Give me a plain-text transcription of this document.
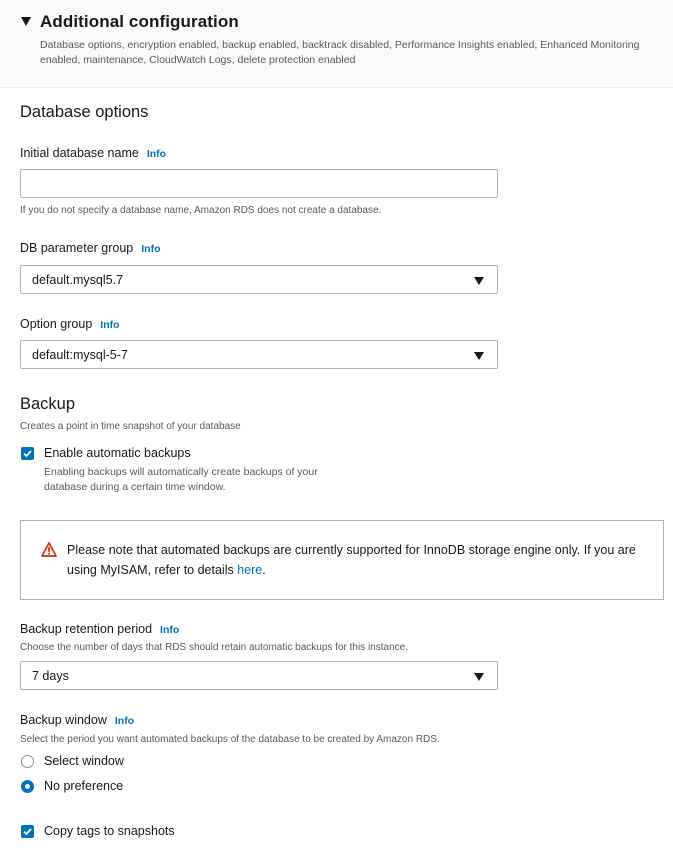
Additional configuration
Database options, encryption enabled, backup enabled, backtrack disabled, Performance Insights enabled, Enhanced Monitoring enabled, maintenance, CloudWatch Logs, delete protection enabled
Database options
Initial database name Info
If you do not specify a database name, Amazon RDS does not create a database.
DB parameter group Info
default.mysql5.7
Option group Info
default:mysql-5-7
Backup
Creates a point in time snapshot of your database
Enable automatic backups
Enabling backups will automatically create backups of your database during a certain time window.
Please note that automated backups are currently supported for InnoDB storage engine only. If you are using MyISAM, refer to details here.
Backup retention period Info
Choose the number of days that RDS should retain automatic backups for this instance.
7 days
Backup window Info
Select the period you want automated backups of the database to be created by Amazon RDS.
Select window
No preference
Copy tags to snapshots
